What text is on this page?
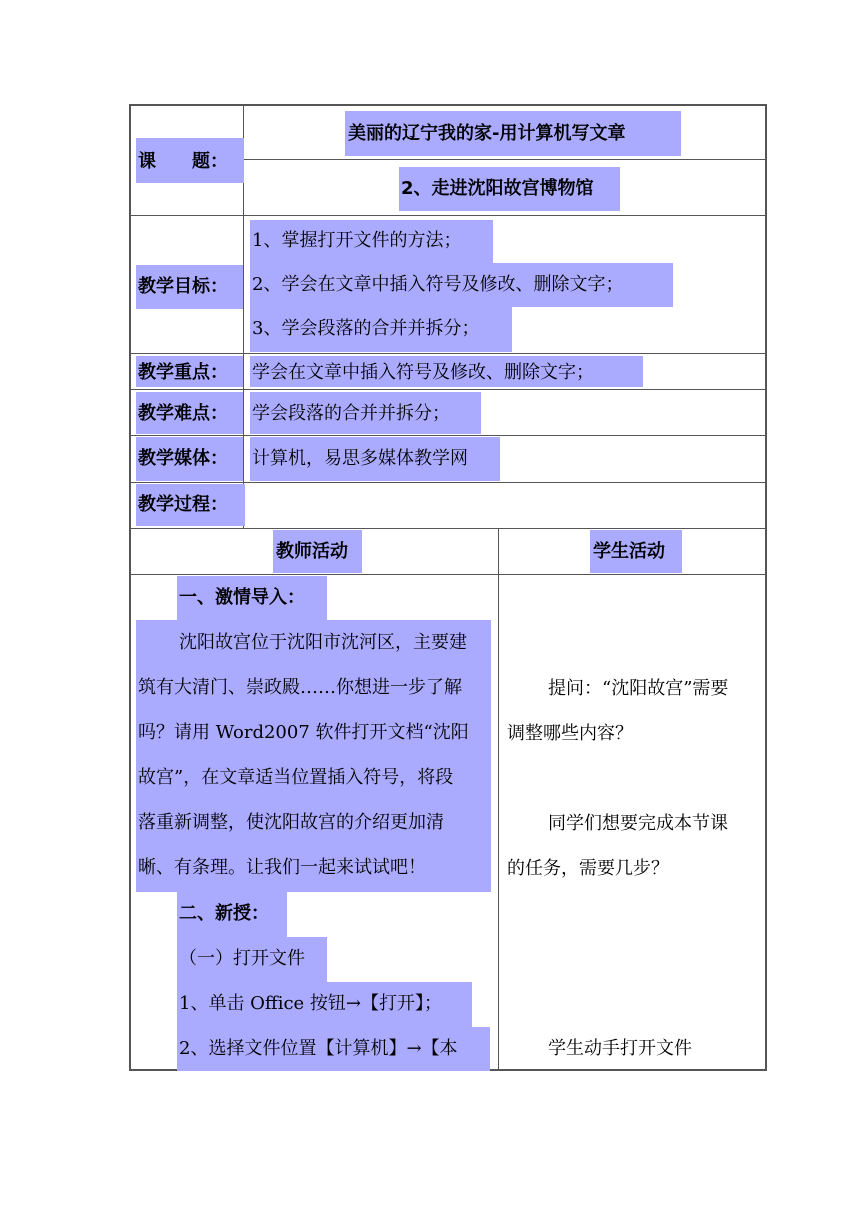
课　　题：
美丽的辽宁我的家-用计算机写文章
2、走进沈阳故宫博物馆
教学目标：
1、掌握打开文件的方法；
2、学会在文章中插入符号及修改、删除文字；
3、学会段落的合并并拆分；
教学重点： 学会在文章中插入符号及修改、删除文字；
教学难点： 学会段落的合并并拆分；
教学媒体： 计算机，易思多媒体教学网
教学过程：
教师活动	学生活动
一、激情导入：
沈阳故宫位于沈阳市沈河区，主要建
筑有大清门、崇政殿……你想进一步了解
吗？请用 Word2007 软件打开文档“沈阳
故宫”，在文章适当位置插入符号，将段
落重新调整，使沈阳故宫的介绍更加清
晰、有条理。让我们一起来试试吧！
二、新授：
（一）打开文件
1、单击 Office 按钮→【打开】；
2、选择文件位置【计算机】→【本
提问：“沈阳故宫”需要
调整哪些内容？
同学们想要完成本节课
的任务，需要几步？
学生动手打开文件
